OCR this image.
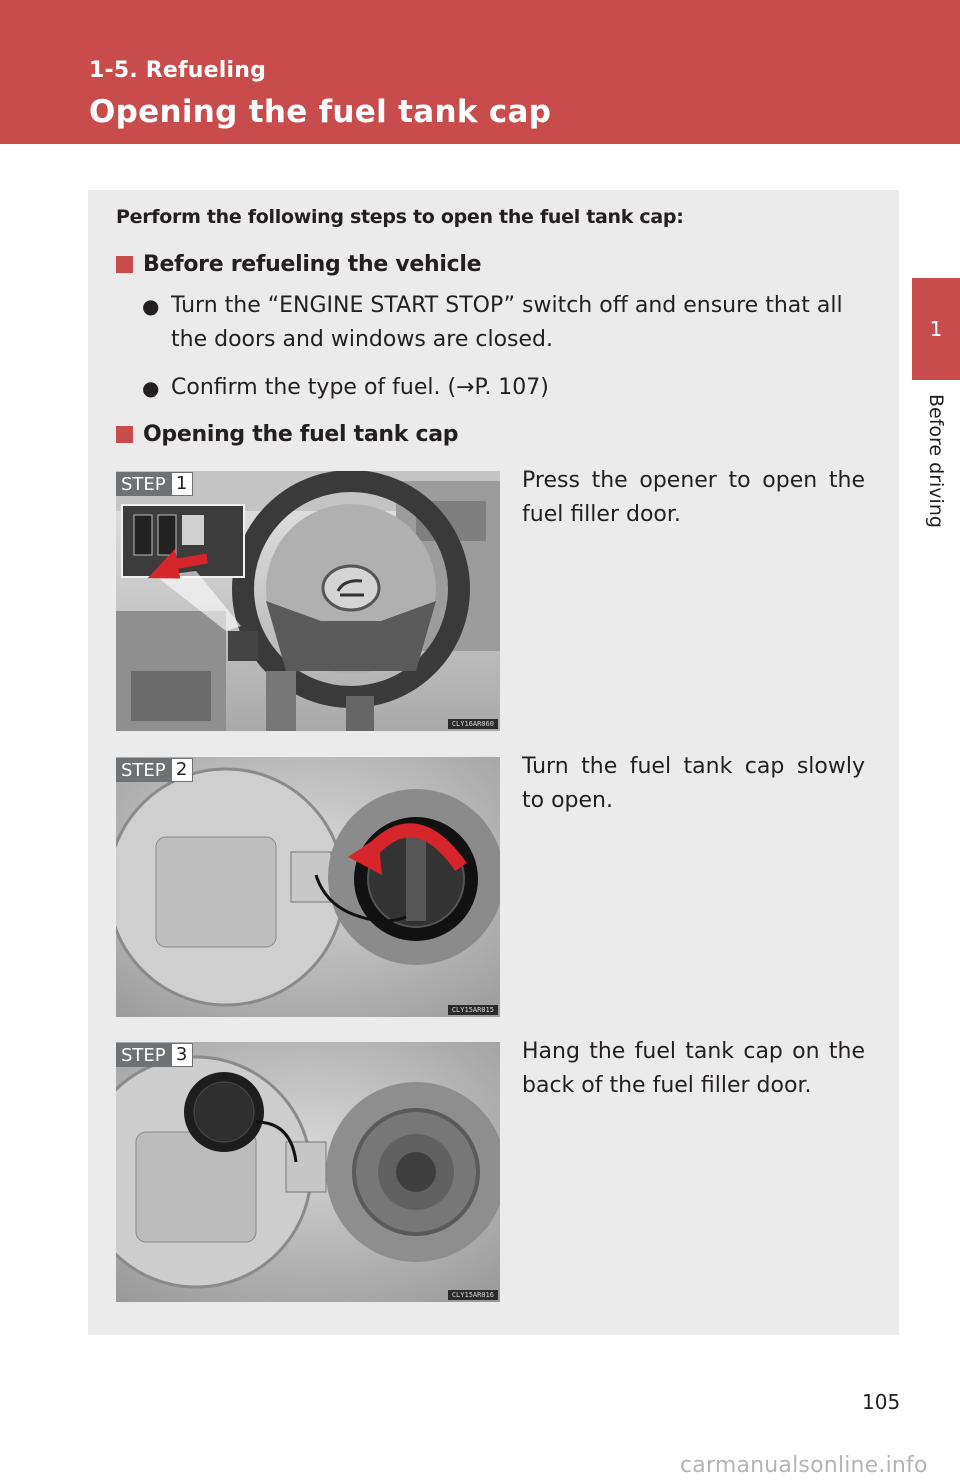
1-5. Refueling
Opening the fuel tank cap
1
Before driving
Perform the following steps to open the fuel tank cap:
Before refueling the vehicle
● Turn the “ENGINE START STOP” switch off and ensure that all the doors and windows are closed.
● Confirm the type of fuel. (→P. 107)
Opening the fuel tank cap
STEP 1
CLY16AR060
Press the opener to open the fuel filler door.
STEP 2
CLY15AR015
Turn the fuel tank cap slowly to open.
STEP 3
CLY15AR016
Hang the fuel tank cap on the back of the fuel filler door.
105
carmanualsonline.info
